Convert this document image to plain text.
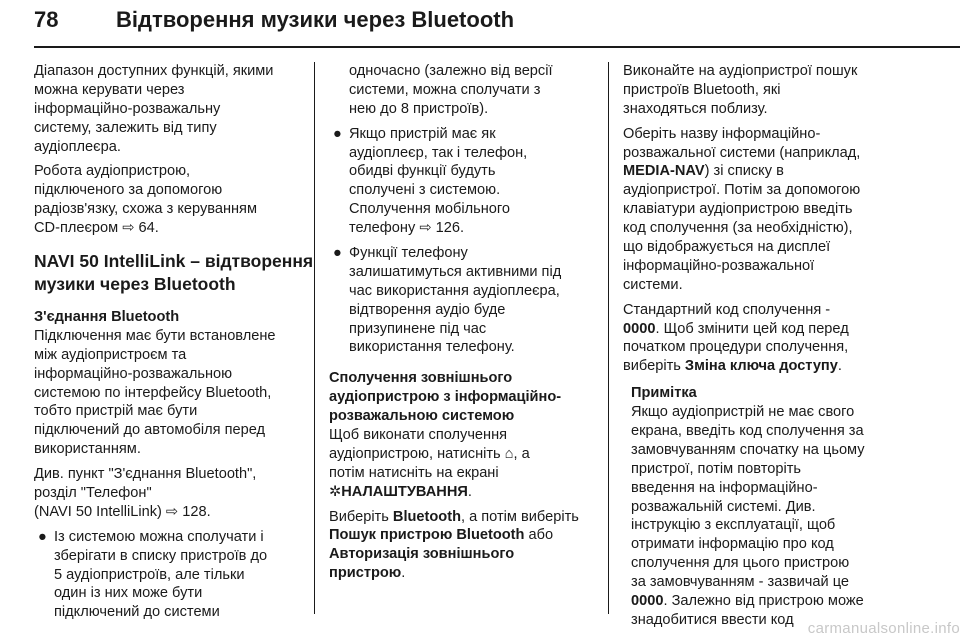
78	Відтворення музики через Bluetooth
Діапазон доступних функцій, якими
можна керувати через
інформаційно-розважальну
систему, залежить від типу
аудіоплеєра.
Робота аудіопристрою,
підключеного за допомогою
радіозв'язку, схожа з керуванням
CD-плеєром ⇨ 64.
NAVI 50 IntelliLink – відтворення
музики через Bluetooth
З'єднання Bluetooth
Підключення має бути встановлене
між аудіопристроєм та
інформаційно-розважальною
системою по інтерфейсу Bluetooth,
тобто пристрій має бути
підключений до автомобіля перед
використанням.
Див. пункт "З'єднання Bluetooth",
розділ "Телефон"
(NAVI 50 IntelliLink) ⇨ 128.
● Із системою можна сполучати і
зберігати в списку пристроїв до
5 аудіопристроїв, але тільки
один із них може бути
підключений до системи
одночасно (залежно від версії
системи, можна сполучати з
нею до 8 пристроїв).
● Якщо пристрій має як
аудіоплеєр, так і телефон,
обидві функції будуть
сполучені з системою.
Сполучення мобільного
телефону ⇨ 126.
● Функції телефону
залишатимуться активними під
час використання аудіоплеєра,
відтворення аудіо буде
призупинене під час
використання телефону.
Сполучення зовнішнього
аудіопристрою з інформаційно-
розважальною системою
Щоб виконати сполучення
аудіопристрою, натисніть ⌂, а
потім натисніть на екрані
✲НАЛАШТУВАННЯ.
Виберіть Bluetooth, а потім виберіть
Пошук пристрою Bluetooth або
Авторизація зовнішнього
пристрою.
Виконайте на аудіопристрої пошук
пристроїв Bluetooth, які
знаходяться поблизу.
Оберіть назву інформаційно-
розважальної системи (наприклад,
MEDIA-NAV) зі списку в
аудіопристрої. Потім за допомогою
клавіатури аудіопристрою введіть
код сполучення (за необхідністю),
що відображується на дисплеї
інформаційно-розважальної
системи.
Стандартний код сполучення -
0000. Щоб змінити цей код перед
початком процедури сполучення,
виберіть Зміна ключа доступу.
Примітка
Якщо аудіопристрій не має свого
екрана, введіть код сполучення за
замовчуванням спочатку на цьому
пристрої, потім повторіть
введення на інформаційно-
розважальній системі. Див.
інструкцію з експлуатації, щоб
отримати інформацію про код
сполучення для цього пристрою
за замовчуванням - зазвичай це
0000. Залежно від пристрою може
знадобитися ввести код
carmanualsonline.info
